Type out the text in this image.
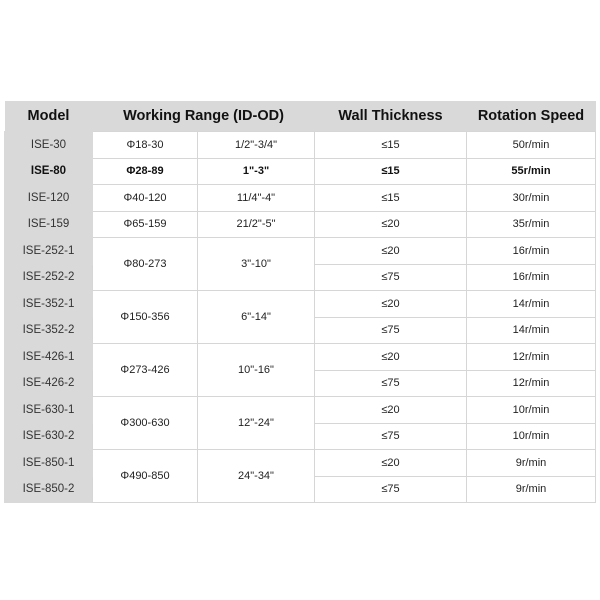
Model	Working Range (ID-OD)		Wall Thickness	Rotation Speed
ISE-30	Φ18-30	1/2"-3/4"	≤15	50r/min
ISE-80	Φ28-89	1"-3"	≤15	55r/min
ISE-120	Φ40-120	11/4"-4"	≤15	30r/min
ISE-159	Φ65-159	21/2"-5"	≤20	35r/min
ISE-252-1	Φ80-273	3"-10"	≤20	16r/min
ISE-252-2			≤75	16r/min
ISE-352-1	Φ150-356	6"-14"	≤20	14r/min
ISE-352-2			≤75	14r/min
ISE-426-1	Φ273-426	10"-16"	≤20	12r/min
ISE-426-2			≤75	12r/min
ISE-630-1	Φ300-630	12"-24"	≤20	10r/min
ISE-630-2			≤75	10r/min
ISE-850-1	Φ490-850	24"-34"	≤20	9r/min
ISE-850-2			≤75	9r/min
